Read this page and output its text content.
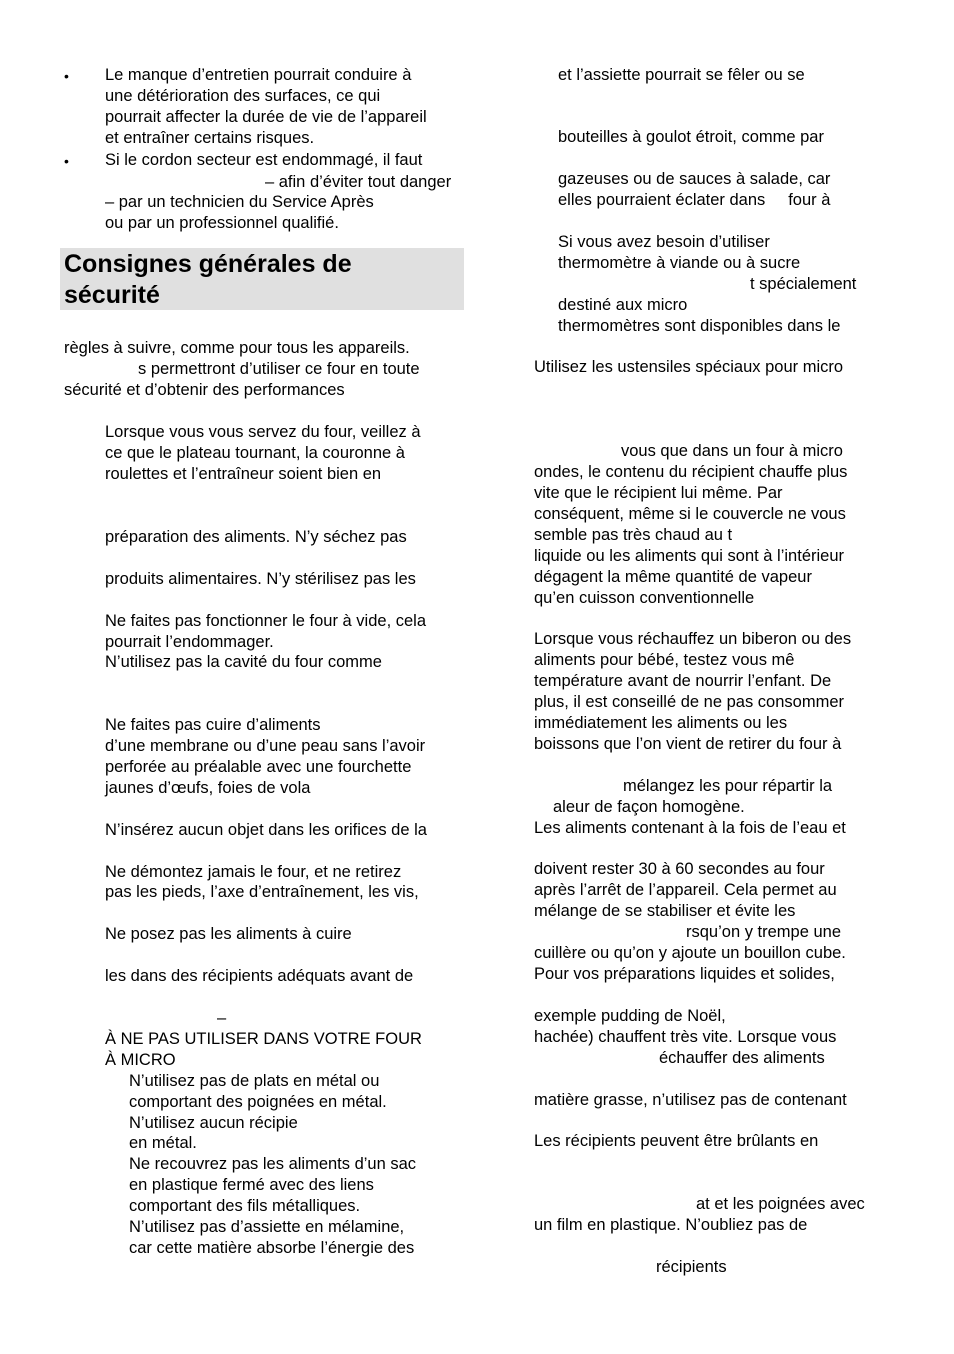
• Le manque d’entretien pourrait conduire à
une détérioration des surfaces, ce qui
pourrait affecter la durée de vie de l’appareil
et entraîner certains risques.
• Si le cordon secteur est endommagé, il faut
– afin d’éviter tout danger
– par un technicien du Service Après
ou par un professionnel qualifié.
Consignes générales de
sécurité
règles à suivre, comme pour tous les appareils.
s permettront d’utiliser ce four en toute
sécurité et d’obtenir des performances
Lorsque vous vous servez du four, veillez à
ce que le plateau tournant, la couronne à
roulettes et l’entraîneur soient bien en
préparation des aliments. N’y séchez pas
produits alimentaires. N’y stérilisez pas les
Ne faites pas fonctionner le four à vide, cela
pourrait l’endommager.
N’utilisez pas la cavité du four comme
Ne faites pas cuire d’aliments
d’une membrane ou d’une peau sans l’avoir
perforée au préalable avec une fourchette
jaunes d’œufs, foies de vola
N’insérez aucun objet dans les orifices de la
Ne démontez jamais le four, et ne retirez
pas les pieds, l’axe d’entraînement, les vis,
Ne posez pas les aliments à cuire
les dans des récipients adéquats avant de
–
À NE PAS UTILISER DANS VOTRE FOUR
À MICRO
N’utilisez pas de plats en métal ou
comportant des poignées en métal.
N’utilisez aucun récipie
en métal.
Ne recouvrez pas les aliments d’un sac
en plastique fermé avec des liens
comportant des fils métalliques.
N’utilisez pas d’assiette en mélamine,
car cette matière absorbe l’énergie des
et l’assiette pourrait se fêler ou se
bouteilles à goulot étroit, comme par
gazeuses ou de sauces à salade, car
elles pourraient éclater dans     four à
Si vous avez besoin d’utiliser
thermomètre à viande ou à sucre
t spécialement
destiné aux micro
thermomètres sont disponibles dans le
Utilisez les ustensiles spéciaux pour micro
vous que dans un four à micro
ondes, le contenu du récipient chauffe plus
vite que le récipient lui même. Par
conséquent, même si le couvercle ne vous
semble pas très chaud au t
liquide ou les aliments qui sont à l’intérieur
dégagent la même quantité de vapeur
qu’en cuisson conventionnelle
Lorsque vous réchauffez un biberon ou des
aliments pour bébé, testez vous mê
température avant de nourrir l’enfant. De
plus, il est conseillé de ne pas consommer
immédiatement les aliments ou les
boissons que l’on vient de retirer du four à
mélangez les pour répartir la
aleur de façon homogène.
Les aliments contenant à la fois de l’eau et
doivent rester 30 à 60 secondes au four
après l’arrêt de l’appareil. Cela permet au
mélange de se stabiliser et évite les
rsqu’on y trempe une
cuillère ou qu’on y ajoute un bouillon cube.
Pour vos préparations liquides et solides,
exemple pudding de Noël,
hachée) chauffent très vite. Lorsque vous
échauffer des aliments
matière grasse, n’utilisez pas de contenant
Les récipients peuvent être brûlants en
at et les poignées avec
un film en plastique. N’oubliez pas de
récipients
